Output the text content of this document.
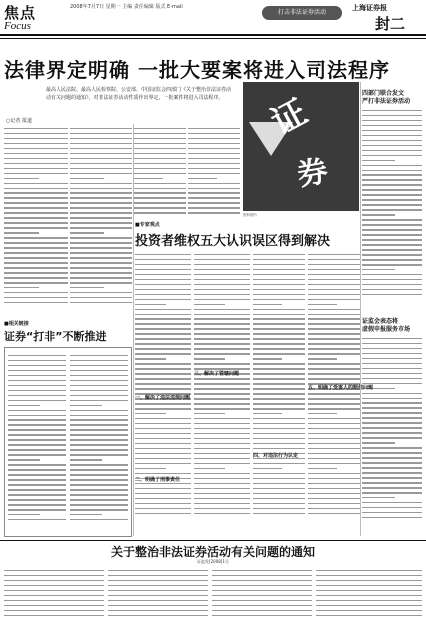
焦点
Focus
2008年7月7日 星期一 主编 责任编辑 版式 E-mail
打击非法证券活动
上海证券报
封二
法律界定明确 一批大要案将进入司法程序
最高人民法院、最高人民检察院、公安部、中国证监会四部门《关于整治非法证券活动有关问题的通知》，对非法证券活动性质作出界定，一批案件将进入司法程序。
○记者 报道	证
券
资料图片
四部门联合发文
严打非法证券活动
证监会表态将
虚假申报服务市场
■专家观点
投资者维权五大认识误区得到解决
一、解决了违法违规问题
二、明确了刑事责任
三、解决了管辖问题
四、对违法行为认定
五、明确了受害人的赔偿问题
■相关链接
证券“打非”不断推进
关于整治非法证券活动有关问题的通知
证监发[2008]1号
